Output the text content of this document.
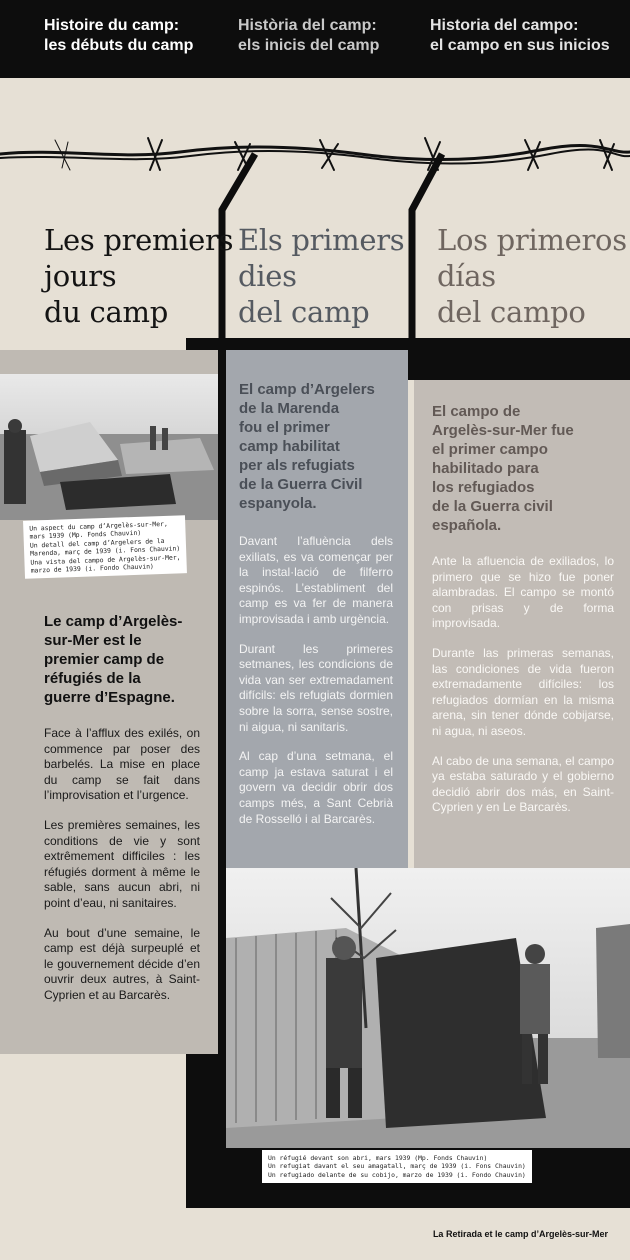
Histoire du camp:
les débuts du camp
Història del camp:
els inicis del camp
Historia del campo:
el campo en sus inicios
Les premiers
jours
du camp
Els primers
dies
del camp
Los primeros
días
del campo
Le camp d’Argelès-
sur-Mer est le
premier camp de
réfugiés de la
guerre d’Espagne.

Face à l’afflux des exilés, on commence par poser des barbelés. La mise en place du camp se fait dans l’improvisation et l’urgence.

Les premières semaines, les conditions de vie y sont extrêmement difficiles : les réfugiés dorment à même le sable, sans aucun abri, ni point d’eau, ni sanitaires.

Au bout d’une semaine, le camp est déjà surpeuplé et le gouvernement décide d’en ouvrir deux autres, à Saint-Cyprien et au Barcarès.

El camp d’Argelers
de la Marenda
fou el primer
camp habilitat
per als refugiats
de la Guerra Civil
espanyola.

Davant l’afluència dels exiliats, es va començar per la instal·lació de filferro espinós. L’establiment del camp es va fer de manera improvisada i amb urgència.

Durant les primeres setmanes, les condicions de vida van ser extremadament difícils: els refugiats dormien sobre la sorra, sense sostre, ni aigua, ni sanitaris.

Al cap d’una setmana, el camp ja estava saturat i el govern va decidir obrir dos camps més, a Sant Cebrià de Rosselló i al Barcarès.

El campo de
Argelès-sur-Mer fue
el primer campo
habilitado para
los refugiados
de la Guerra civil
española.

Ante la afluencia de exiliados, lo primero que se hizo fue poner alambradas. El campo se montó con prisas y de forma improvisada.

Durante las primeras semanas, las condiciones de vida fueron extremadamente difíciles: los refugiados dormían en la misma arena, sin tener dónde cobijarse, ni agua, ni aseos.

Al cabo de una semana, el campo ya estaba saturado y el gobierno decidió abrir dos más, en Saint-Cyprien y en Le Barcarès.

Un aspect du camp d’Argelès-sur-Mer,
mars 1939 (Mp. Fonds Chauvin)
Un detall del camp d’Argelers de la
Marenda, març de 1939 (i. Fons Chauvin)
Una vista del campo de Argelès-sur-Mer,
marzo de 1939 (i. Fondo Chauvin)
Un réfugié devant son abri, mars 1939 (Mp. Fonds Chauvin)
Un refugiat davant el seu amagatall, març de 1939 (i. Fons Chauvin)
Un refugiado delante de su cobijo, marzo de 1939 (i. Fondo Chauvin)
La Retirada et le camp d’Argelès-sur-Mer
